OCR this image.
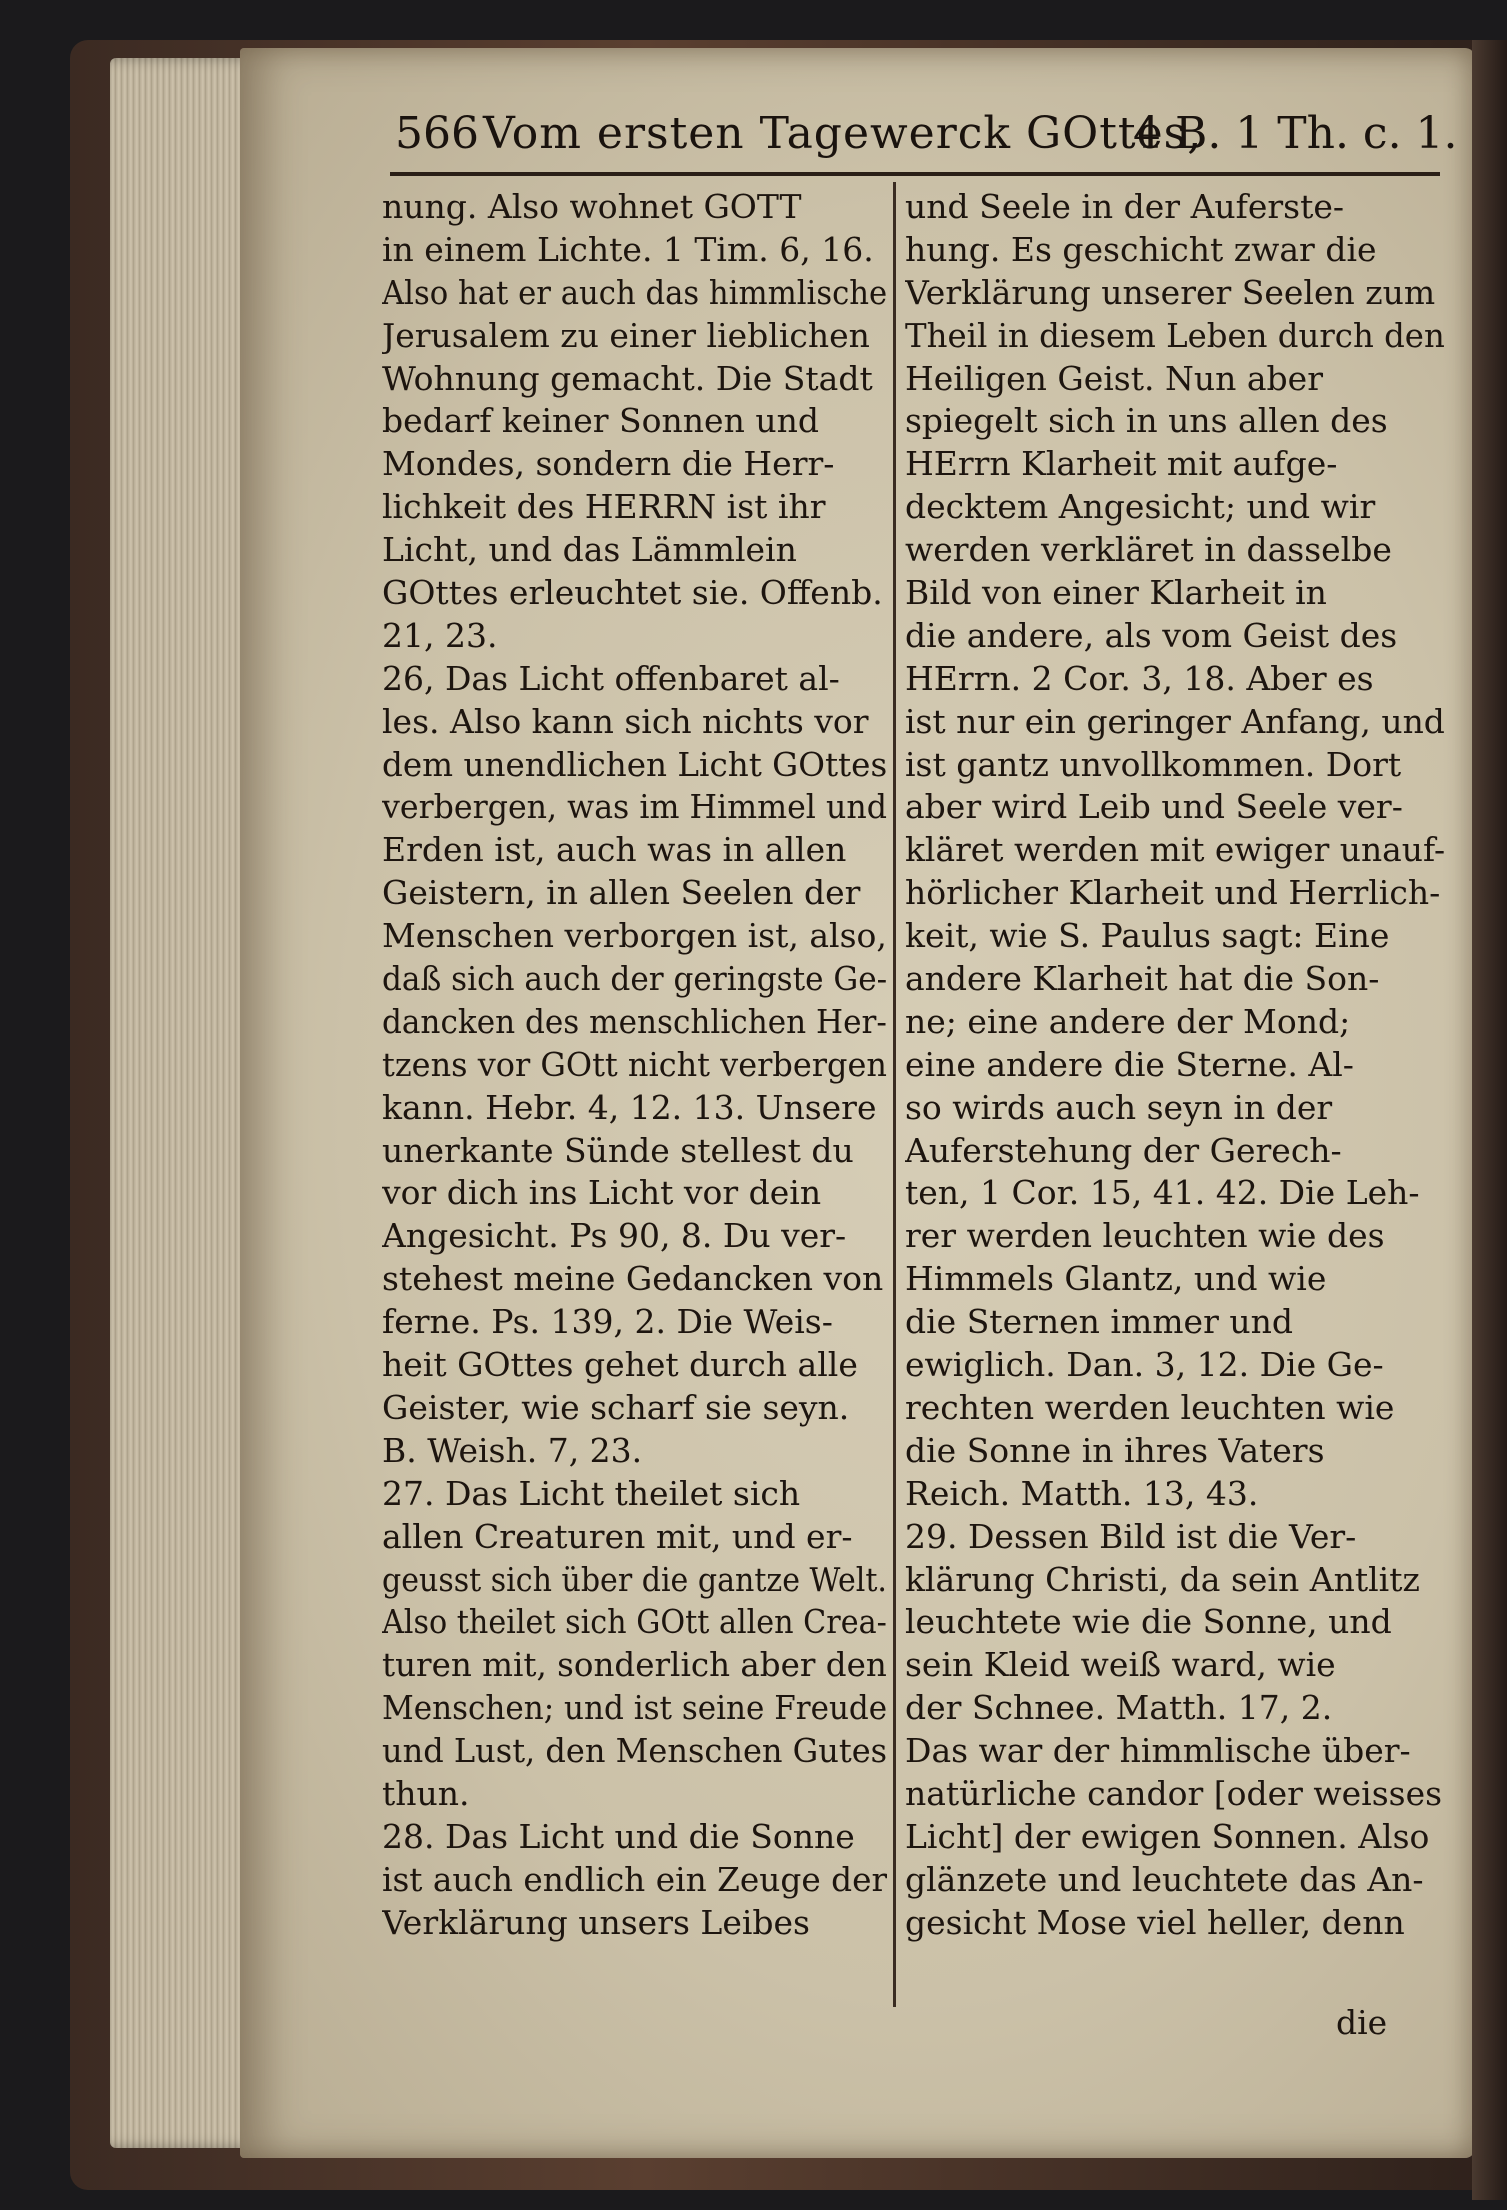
566 Vom ersten Tagewerck GOttes,
4 B. 1 Th. c. 1.
nung. Also wohnet GOTT
in einem Lichte. 1 Tim. 6, 16.
Also hat er auch das himmlische
Jerusalem zu einer lieblichen
Wohnung gemacht. Die Stadt
bedarf keiner Sonnen und
Mondes, sondern die Herr-
lichkeit des HERRN ist ihr
Licht, und das Lämmlein
GOttes erleuchtet sie. Offenb.
21, 23.
26, Das Licht offenbaret al-
les. Also kann sich nichts vor
dem unendlichen Licht GOttes
verbergen, was im Himmel und
Erden ist, auch was in allen
Geistern, in allen Seelen der
Menschen verborgen ist, also,
daß sich auch der geringste Ge-
dancken des menschlichen Her-
tzens vor GOtt nicht verbergen
kann. Hebr. 4, 12. 13. Unsere
unerkante Sünde stellest du
vor dich ins Licht vor dein
Angesicht. Ps 90, 8. Du ver-
stehest meine Gedancken von
ferne. Ps. 139, 2. Die Weis-
heit GOttes gehet durch alle
Geister, wie scharf sie seyn.
B. Weish. 7, 23.
27. Das Licht theilet sich
allen Creaturen mit, und er-
geusst sich über die gantze Welt.
Also theilet sich GOtt allen Crea-
turen mit, sonderlich aber den
Menschen; und ist seine Freude
und Lust, den Menschen Gutes
thun.
28. Das Licht und die Sonne
ist auch endlich ein Zeuge der
Verklärung unsers Leibes
und Seele in der Auferste-
hung. Es geschicht zwar die
Verklärung unserer Seelen zum
Theil in diesem Leben durch den
Heiligen Geist. Nun aber
spiegelt sich in uns allen des
HErrn Klarheit mit aufge-
decktem Angesicht; und wir
werden verkläret in dasselbe
Bild von einer Klarheit in
die andere, als vom Geist des
HErrn. 2 Cor. 3, 18. Aber es
ist nur ein geringer Anfang, und
ist gantz unvollkommen. Dort
aber wird Leib und Seele ver-
kläret werden mit ewiger unauf-
hörlicher Klarheit und Herrlich-
keit, wie S. Paulus sagt: Eine
andere Klarheit hat die Son-
ne; eine andere der Mond;
eine andere die Sterne. Al-
so wirds auch seyn in der
Auferstehung der Gerech-
ten, 1 Cor. 15, 41. 42. Die Leh-
rer werden leuchten wie des
Himmels Glantz, und wie
die Sternen immer und
ewiglich. Dan. 3, 12. Die Ge-
rechten werden leuchten wie
die Sonne in ihres Vaters
Reich. Matth. 13, 43.
29. Dessen Bild ist die Ver-
klärung Christi, da sein Antlitz
leuchtete wie die Sonne, und
sein Kleid weiß ward, wie
der Schnee. Matth. 17, 2.
Das war der himmlische über-
natürliche candor [oder weisses
Licht] der ewigen Sonnen. Also
glänzete und leuchtete das An-
gesicht Mose viel heller, denn
die
